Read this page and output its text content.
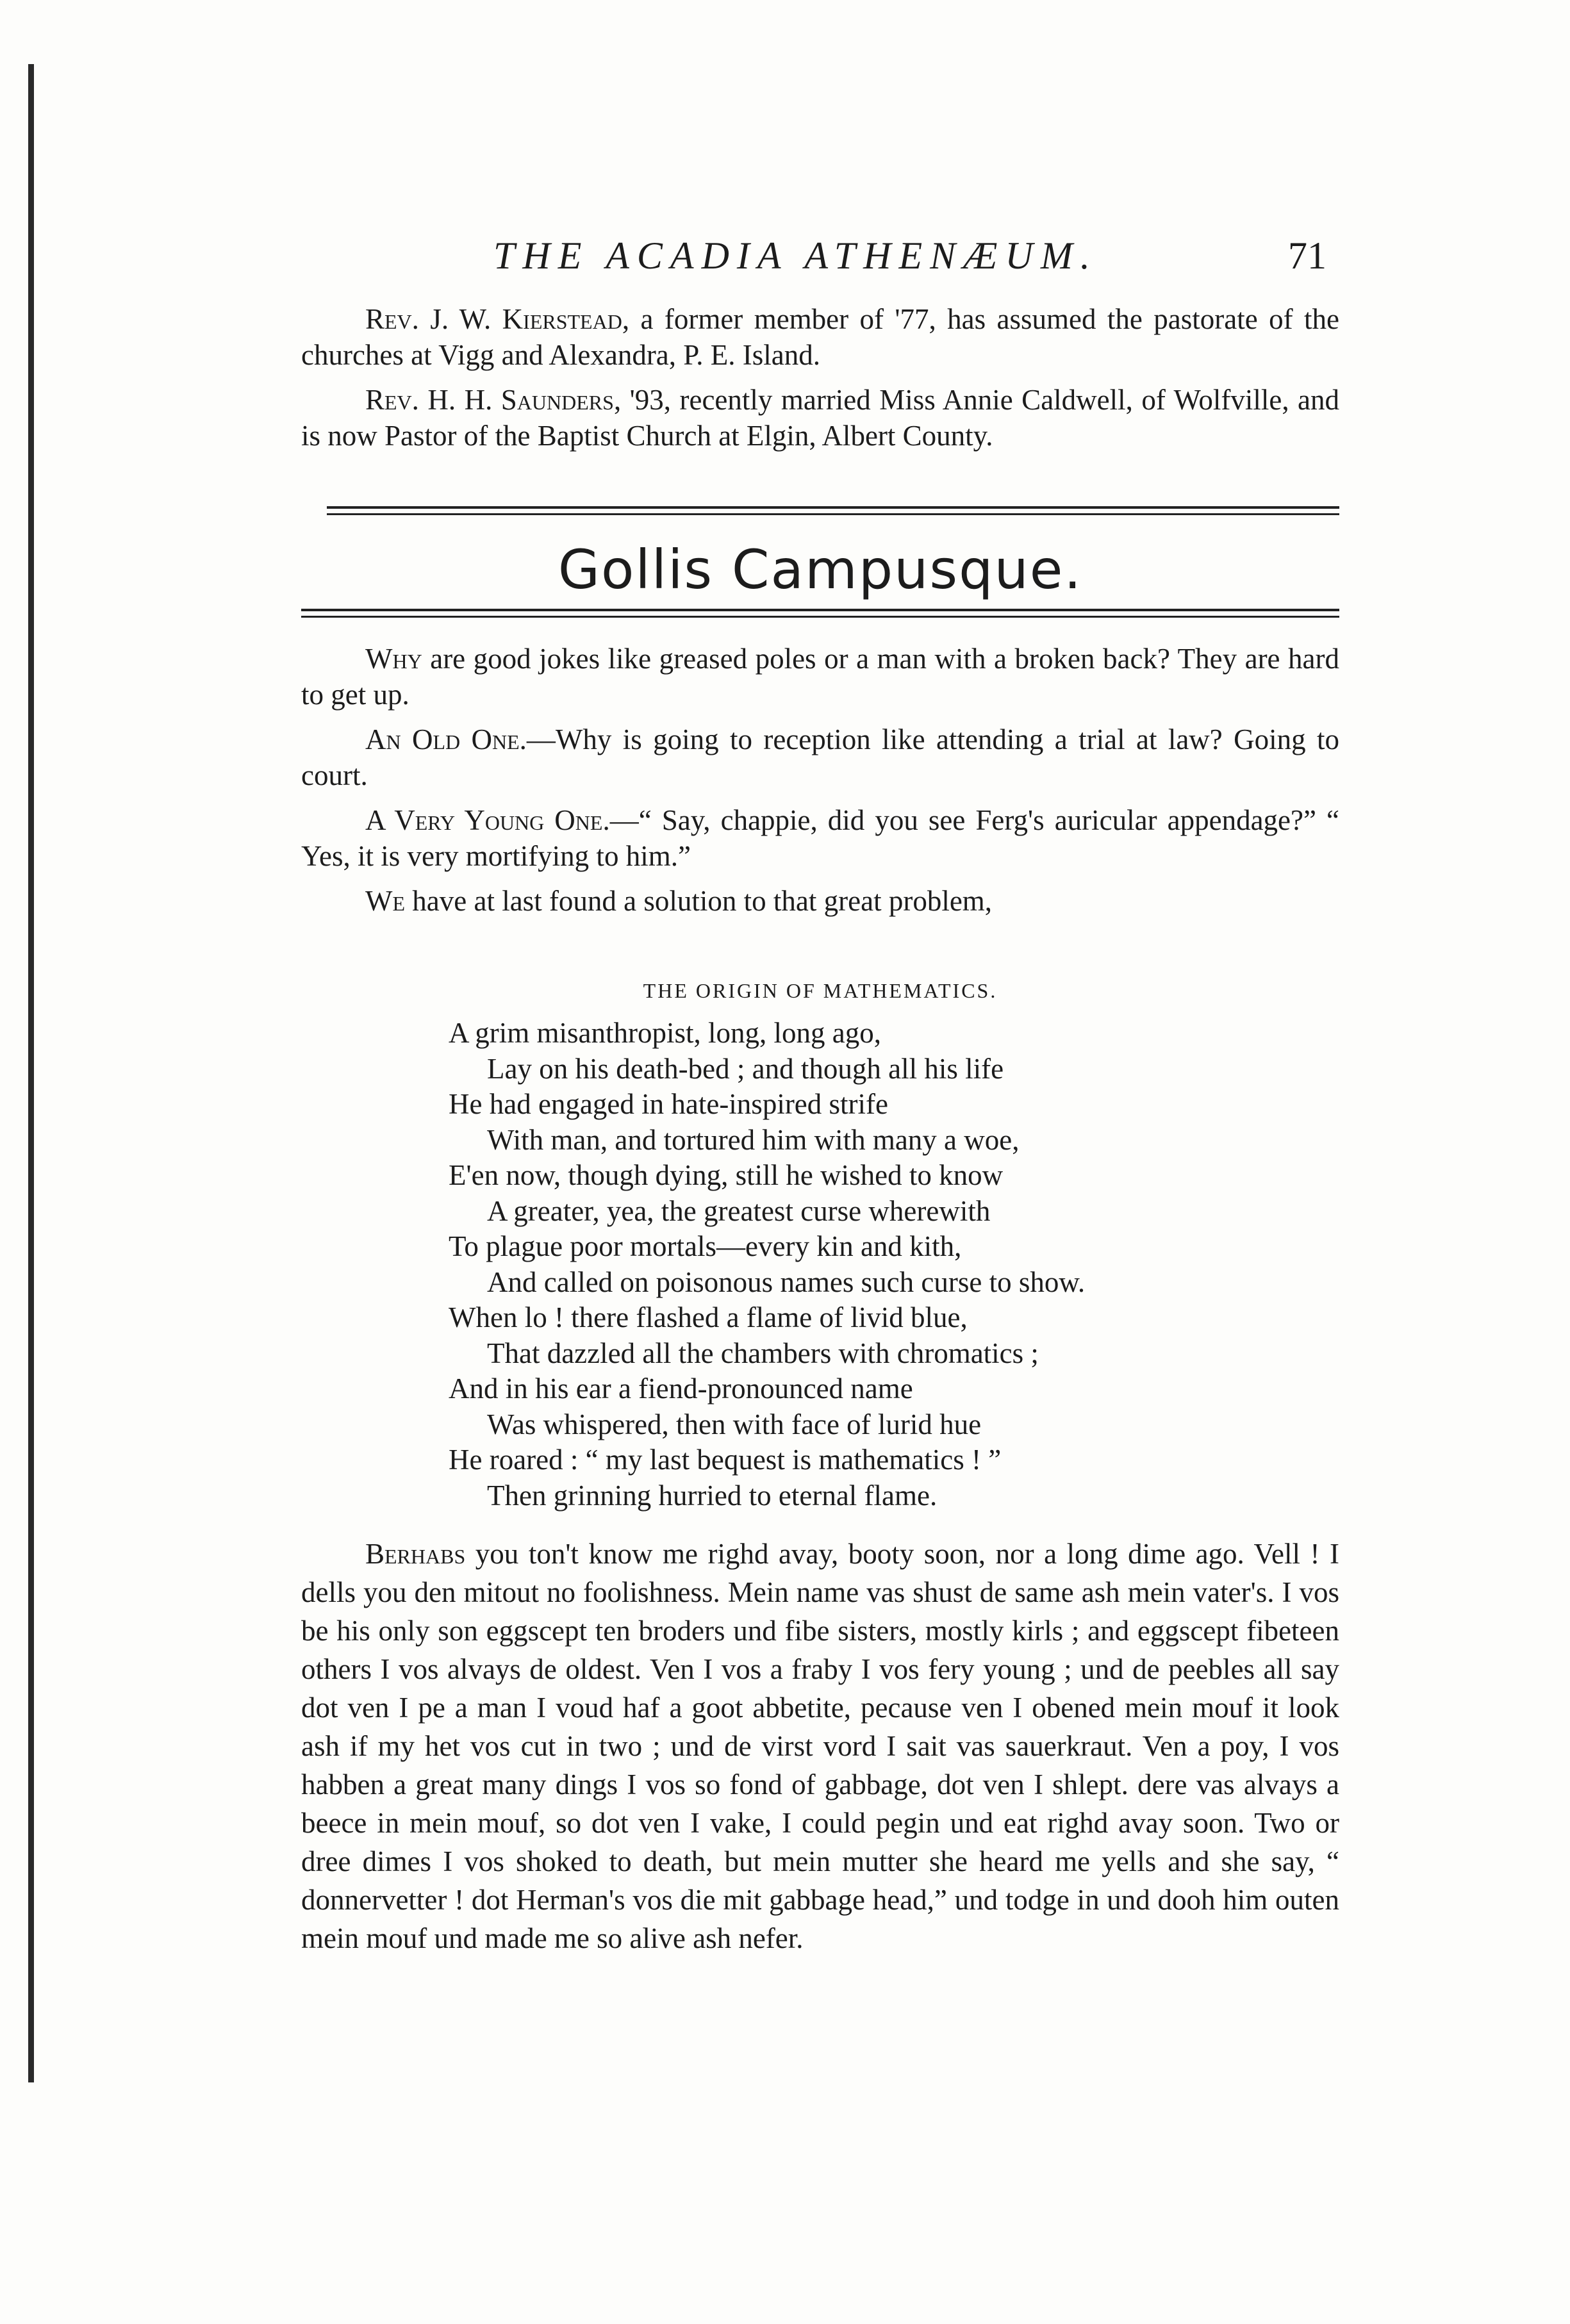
THE ACADIA ATHENÆUM.	71

Rev. J. W. Kierstead, a former member of '77, has assumed the pastorate of the churches at Vigg and Alexandra, P. E. Island.

Rev. H. H. Saunders, '93, recently married Miss Annie Caldwell, of Wolfville, and is now Pastor of the Baptist Church at Elgin, Albert County.

Gollis Campusque.

Why are good jokes like greased poles or a man with a broken back? They are hard to get up.

An Old One.—Why is going to reception like attending a trial at law? Going to court.

A Very Young One.—“ Say, chappie, did you see Ferg's auricular appendage?” “ Yes, it is very mortifying to him.”

We have at last found a solution to that great problem,

THE ORIGIN OF MATHEMATICS.
A grim misanthropist, long, long ago,
Lay on his death-bed ; and though all his life
He had engaged in hate-inspired strife
With man, and tortured him with many a woe,
E'en now, though dying, still he wished to know
A greater, yea, the greatest curse wherewith
To plague poor mortals—every kin and kith,
And called on poisonous names such curse to show.
When lo ! there flashed a flame of livid blue,
That dazzled all the chambers with chromatics ;
And in his ear a fiend-pronounced name
Was whispered, then with face of lurid hue
He roared : “ my last bequest is mathematics ! ”
Then grinning hurried to eternal flame.

Berhabs you ton't know me righd avay, booty soon, nor a long dime ago. Vell ! I dells you den mitout no foolishness. Mein name vas shust de same ash mein vater's. I vos be his only son eggscept ten broders und fibe sisters, mostly kirls ; and eggscept fibeteen others I vos alvays de oldest. Ven I vos a fraby I vos fery young ; und de peebles all say dot ven I pe a man I voud haf a goot abbetite, pecause ven I obened mein mouf it look ash if my het vos cut in two ; und de virst vord I sait vas sauerkraut. Ven a poy, I vos habben a great many dings I vos so fond of gabbage, dot ven I shlept. dere vas alvays a beece in mein mouf, so dot ven I vake, I could pegin und eat righd avay soon. Two or dree dimes I vos shoked to death, but mein mutter she heard me yells and she say, “ donnervetter ! dot Herman's vos die mit gabbage head,” und todge in und dooh him outen mein mouf und made me so alive ash nefer.
